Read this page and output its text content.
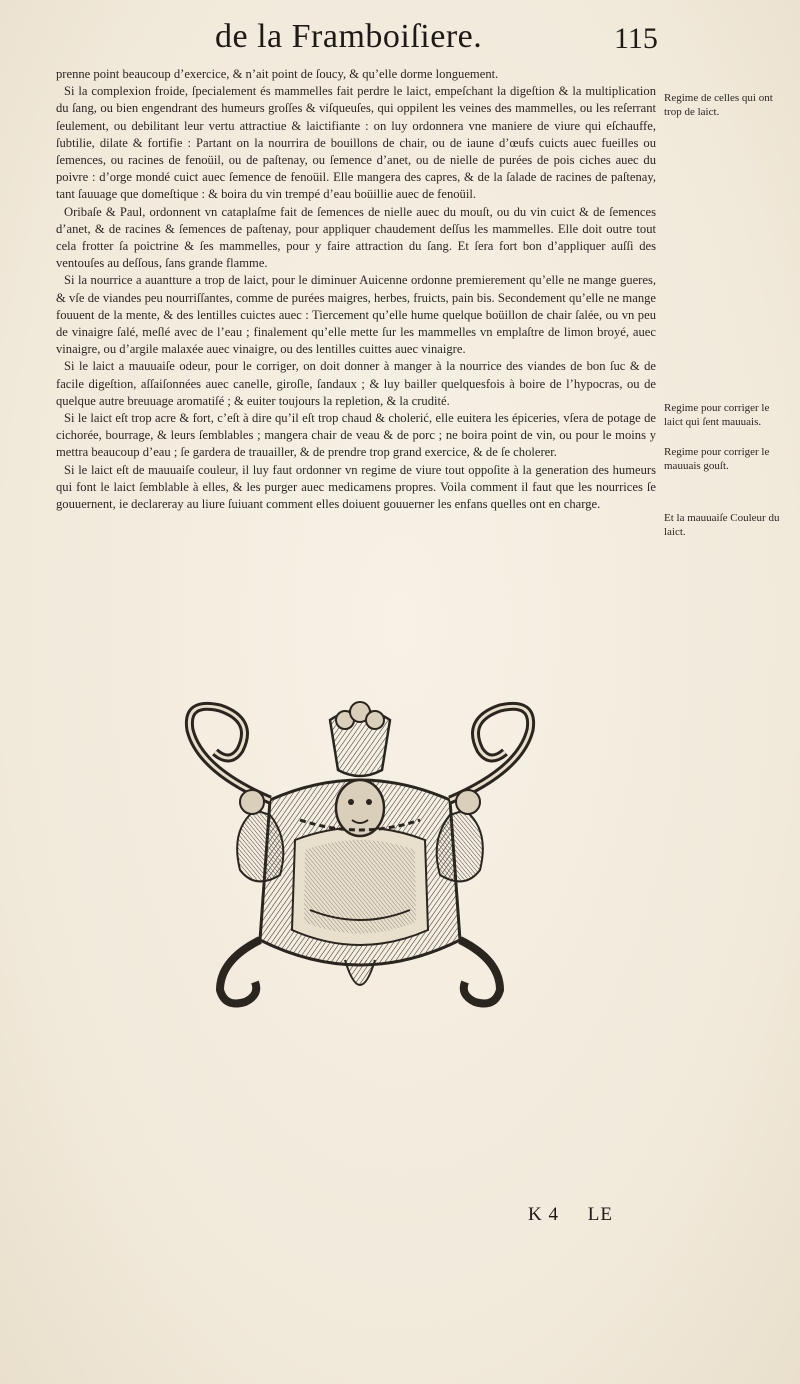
de la Framboiſiere.	115

prenne point beaucoup d’exercice, & n’ait point de ſoucy, & qu’elle dorme longuement.

Si la complexion froide, ſpecialement és mammelles fait perdre le laict, empeſchant la digeſtion & la multiplication du ſang, ou bien engendrant des humeurs groſſes & viſqueuſes, qui oppilent les veines des mammelles, ou les reſerrant ſeulement, ou debilitant leur vertu attractiue & laictifiante : on luy ordonnera vne maniere de viure qui eſchauffe, ſubtilie, dilate & fortifie : Partant on la nourrira de bouillons de chair, ou de iaune d’œufs cuicts auec fueilles ou ſemences, ou racines de fenoüil, ou de paſtenay, ou ſemence d’anet, ou de nielle de purées de pois ciches auec du poivre : d’orge mondé cuict auec ſemence de fenoüil. Elle mangera des capres, & de la ſalade de racines de paſtenay, tant ſauuage que domeſtique : & boira du vin trempé d’eau boüillie auec de fenoüil.

Oribaſe & Paul, ordonnent vn cataplaſme fait de ſemences de nielle auec du mouſt, ou du vin cuict & de ſemences d’anet, & de racines & ſemences de paſtenay, pour appliquer chaudement deſſus les mammelles. Elle doit outre tout cela frotter ſa poictrine & ſes mammelles, pour y faire attraction du ſang. Et ſera fort bon d’appliquer auſſi des ventouſes au deſſous, ſans grande flamme.

Si la nourrice a auantture a trop de laict, pour le diminuer Auicenne ordonne premierement qu’elle ne mange gueres, & vſe de viandes peu nourriſſantes, comme de purées maigres, herbes, fruicts, pain bis. Secondement qu’elle ne mange fouuent de la mente, & des lentilles cuictes auec : Tiercement qu’elle hume quelque boüillon de chair ſalée, ou vn peu de vinaigre ſalé, meſlé avec de l’eau ; finalement qu’elle mette ſur les mammelles vn emplaſtre de limon broyé, auec vinaigre, ou d’argile malaxée auec vinaigre, ou des lentilles cuittes auec vinaigre.

Si le laict a mauuaiſe odeur, pour le corriger, on doit donner à manger à la nourrice des viandes de bon ſuc & de facile digeſtion, aſſaiſonnées auec canelle, giroſle, ſandaux ; & luy bailler quelquesfois à boire de l’hypocras, ou de quelque autre breuuage aromatiſé ; & euiter toujours la repletion, & la crudité.

Si le laict eſt trop acre & fort, c’eſt à dire qu’il eſt trop chaud & cholerić, elle euitera les épiceries, vſera de potage de cichorée, bourrage, & leurs ſemblables ; mangera chair de veau & de porc ; ne boira point de vin, ou pour le moins y mettra beaucoup d’eau ; ſe gardera de trauailler, & de prendre trop grand exercice, & de ſe cholerer.

Si le laict eſt de mauuaiſe couleur, il luy faut ordonner vn regime de viure tout oppoſite à la generation des humeurs qui font le laict ſemblable à elles, & les purger auec medicamens propres. Voila comment il faut que les nourrices ſe gouuernent, ie declareray au liure ſuiuant comment elles doiuent gouuerner les enfans quelles ont en charge.

Regime de celles qui ont trop de laict.
Regime pour corriger le laict qui ſent mauuais.
Regime pour corriger le mauuais gouſt.
Et la mauuaiſe Couleur du laict.
K 4     LE
